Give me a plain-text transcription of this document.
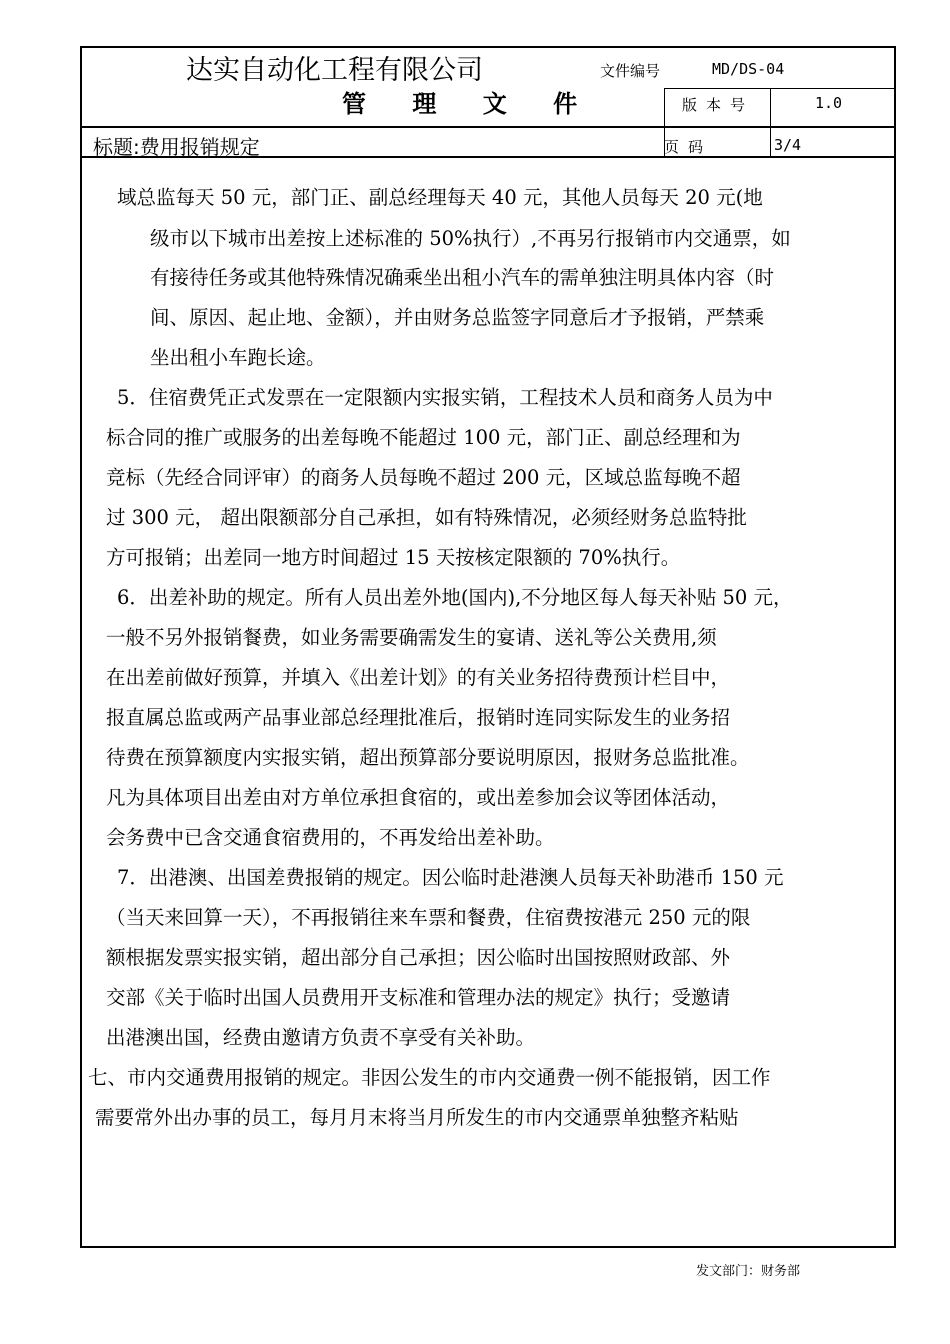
达实自动化工程有限公司
管 理 文 件
文件编号	MD/DS-04
版 本 号	1.0
标题:费用报销规定	页 码	3/4
域总监每天 50 元，部门正、副总经理每天 40 元，其他人员每天 20 元(地
级市以下城市出差按上述标准的 50%执行）,不再另行报销市内交通票，如
有接待任务或其他特殊情况确乘坐出租小汽车的需单独注明具体内容（时
间、原因、起止地、金额），并由财务总监签字同意后才予报销，严禁乘
坐出租小车跑长途。
5．住宿费凭正式发票在一定限额内实报实销，工程技术人员和商务人员为中
标合同的推广或服务的出差每晚不能超过 100 元，部门正、副总经理和为
竞标（先经合同评审）的商务人员每晚不超过 200 元，区域总监每晚不超
过 300 元， 超出限额部分自己承担，如有特殊情况，必须经财务总监特批
方可报销；出差同一地方时间超过 15 天按核定限额的 70%执行。
6．出差补助的规定。所有人员出差外地(国内),不分地区每人每天补贴 50 元，
一般不另外报销餐费，如业务需要确需发生的宴请、送礼等公关费用,须
在出差前做好预算，并填入《出差计划》的有关业务招待费预计栏目中，
报直属总监或两产品事业部总经理批准后，报销时连同实际发生的业务招
待费在预算额度内实报实销，超出预算部分要说明原因，报财务总监批准。
凡为具体项目出差由对方单位承担食宿的，或出差参加会议等团体活动，
会务费中已含交通食宿费用的，不再发给出差补助。
7．出港澳、出国差费报销的规定。因公临时赴港澳人员每天补助港币 150 元
（当天来回算一天），不再报销往来车票和餐费，住宿费按港元 250 元的限
额根据发票实报实销，超出部分自己承担；因公临时出国按照财政部、外
交部《关于临时出国人员费用开支标准和管理办法的规定》执行；受邀请
出港澳出国，经费由邀请方负责不享受有关补助。
七、市内交通费用报销的规定。非因公发生的市内交通费一例不能报销，因工作
需要常外出办事的员工，每月月末将当月所发生的市内交通票单独整齐粘贴
发文部门：财务部
